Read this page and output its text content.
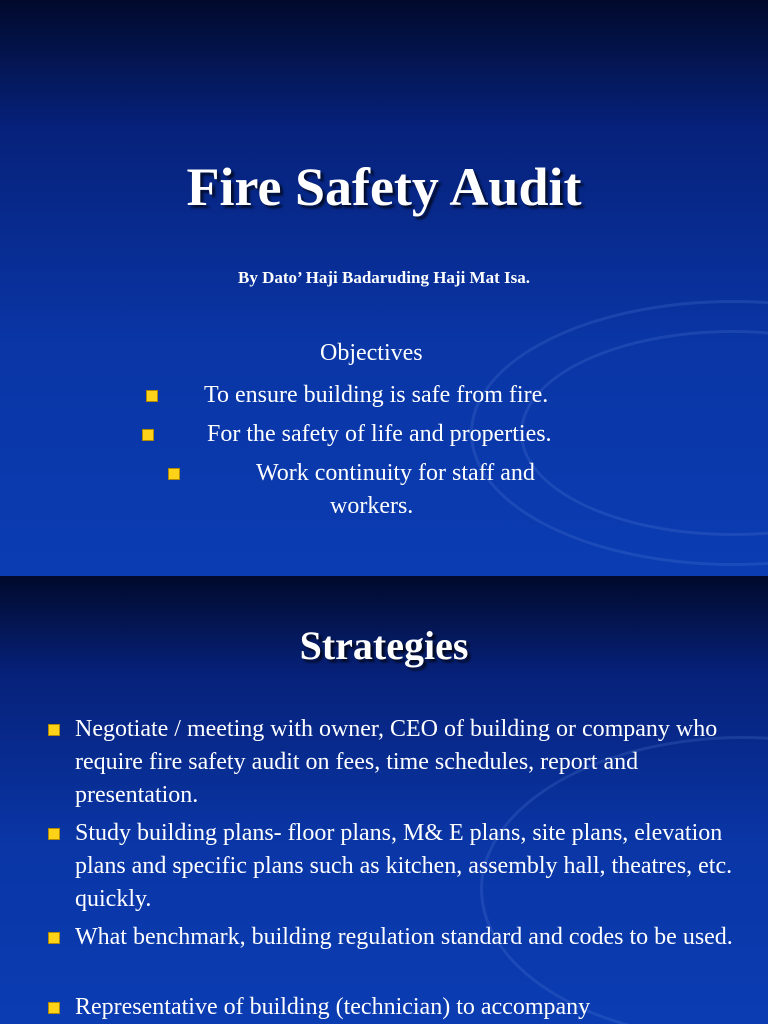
Fire Safety Audit
By Dato’ Haji Badaruding Haji Mat Isa.
Objectives
To ensure building is safe from fire.
For the safety of life and properties.
Work continuity for staff and
workers.
Strategies
Negotiate / meeting with owner, CEO of building or company who require fire safety audit on fees, time schedules, report and presentation.
Study building plans- floor plans, M& E plans, site plans, elevation plans and specific plans such as kitchen, assembly hall, theatres, etc. quickly.
What benchmark, building regulation standard and codes to be used.
Representative of building (technician) to accompany
